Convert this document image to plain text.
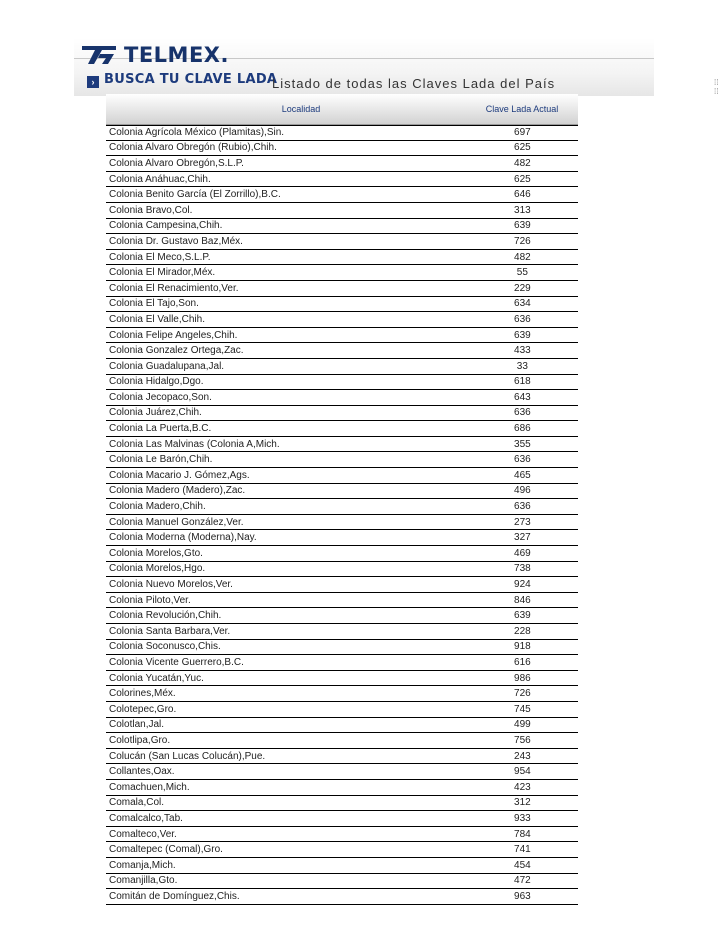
TELMEX.
› BUSCA TU CLAVE LADA	⁞⁞
⁞⁞
Listado de todas las Claves Lada del País
Localidad	Clave Lada Actual
Colonia Agrícola México (Plamitas),Sin.	697
Colonia Alvaro Obregón (Rubio),Chih.	625
Colonia Alvaro Obregón,S.L.P.	482
Colonia Anáhuac,Chih.	625
Colonia Benito García (El Zorrillo),B.C.	646
Colonia Bravo,Col.	313
Colonia Campesina,Chih.	639
Colonia Dr. Gustavo Baz,Méx.	726
Colonia El Meco,S.L.P.	482
Colonia El Mirador,Méx.	55
Colonia El Renacimiento,Ver.	229
Colonia El Tajo,Son.	634
Colonia El Valle,Chih.	636
Colonia Felipe Angeles,Chih.	639
Colonia Gonzalez Ortega,Zac.	433
Colonia Guadalupana,Jal.	33
Colonia Hidalgo,Dgo.	618
Colonia Jecopaco,Son.	643
Colonia Juárez,Chih.	636
Colonia La Puerta,B.C.	686
Colonia Las Malvinas (Colonia A,Mich.	355
Colonia Le Barón,Chih.	636
Colonia Macario J. Gómez,Ags.	465
Colonia Madero (Madero),Zac.	496
Colonia Madero,Chih.	636
Colonia Manuel González,Ver.	273
Colonia Moderna (Moderna),Nay.	327
Colonia Morelos,Gto.	469
Colonia Morelos,Hgo.	738
Colonia Nuevo Morelos,Ver.	924
Colonia Piloto,Ver.	846
Colonia Revolución,Chih.	639
Colonia Santa Barbara,Ver.	228
Colonia Soconusco,Chis.	918
Colonia Vicente Guerrero,B.C.	616
Colonia Yucatán,Yuc.	986
Colorines,Méx.	726
Colotepec,Gro.	745
Colotlan,Jal.	499
Colotlipa,Gro.	756
Colucán (San Lucas Colucán),Pue.	243
Collantes,Oax.	954
Comachuen,Mich.	423
Comala,Col.	312
Comalcalco,Tab.	933
Comalteco,Ver.	784
Comaltepec (Comal),Gro.	741
Comanja,Mich.	454
Comanjilla,Gto.	472
Comitán de Domínguez,Chis.	963
